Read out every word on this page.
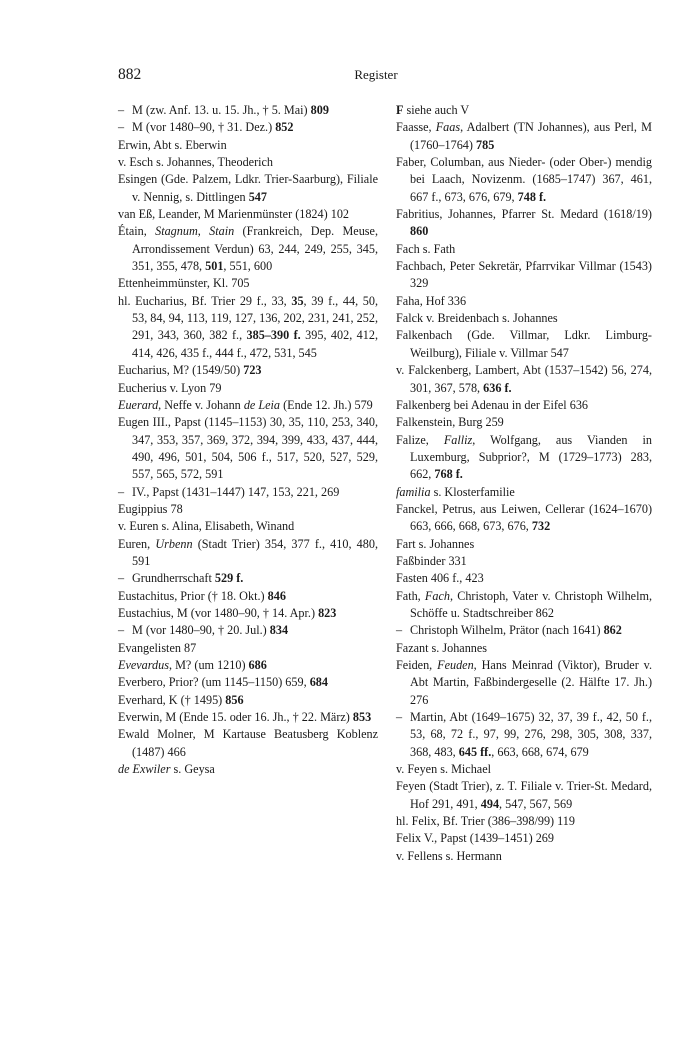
882	Register
– M (zw. Anf. 13. u. 15. Jh., † 5. Mai) 809
– M (vor 1480–90, † 31. Dez.) 852
Erwin, Abt s. Eberwin
v. Esch s. Johannes, Theoderich
Esingen (Gde. Palzem, Ldkr. Trier-Saarburg), Filiale v. Nennig, s. Dittlingen 547
van Eß, Leander, M Marienmünster (1824) 102
Étain, Stagnum, Stain (Frankreich, Dep. Meuse, Arrondissement Verdun) 63, 244, 249, 255, 345, 351, 355, 478, 501, 551, 600
Ettenheimmünster, Kl. 705
hl. Eucharius, Bf. Trier 29 f., 33, 35, 39 f., 44, 50, 53, 84, 94, 113, 119, 127, 136, 202, 231, 241, 252, 291, 343, 360, 382 f., 385–390 f. 395, 402, 412, 414, 426, 435 f., 444 f., 472, 531, 545
Eucharius, M? (1549/50) 723
Eucherius v. Lyon 79
Euerard, Neffe v. Johann de Leia (Ende 12. Jh.) 579
Eugen III., Papst (1145–1153) 30, 35, 110, 253, 340, 347, 353, 357, 369, 372, 394, 399, 433, 437, 444, 490, 496, 501, 504, 506 f., 517, 520, 527, 529, 557, 565, 572, 591
– IV., Papst (1431–1447) 147, 153, 221, 269
Eugippius 78
v. Euren s. Alina, Elisabeth, Winand
Euren, Urbenn (Stadt Trier) 354, 377 f., 410, 480, 591
– Grundherrschaft 529 f.
Eustachitus, Prior († 18. Okt.) 846
Eustachius, M (vor 1480–90, † 14. Apr.) 823
– M (vor 1480–90, † 20. Jul.) 834
Evangelisten 87
Evevardus, M? (um 1210) 686
Everbero, Prior? (um 1145–1150) 659, 684
Everhard, K († 1495) 856
Everwin, M (Ende 15. oder 16. Jh., † 22. März) 853
Ewald Molner, M Kartause Beatusberg Koblenz (1487) 466
de Exwiler s. Geysa
F siehe auch V
Faasse, Faas, Adalbert (TN Johannes), aus Perl, M (1760–1764) 785
Faber, Columban, aus Nieder- (oder Ober-) mendig bei Laach, Novizenm. (1685–1747) 367, 461, 667 f., 673, 676, 679, 748 f.
Fabritius, Johannes, Pfarrer St. Medard (1618/19) 860
Fach s. Fath
Fachbach, Peter Sekretär, Pfarrvikar Villmar (1543) 329
Faha, Hof 336
Falck v. Breidenbach s. Johannes
Falkenbach (Gde. Villmar, Ldkr. Limburg-Weilburg), Filiale v. Villmar 547
v. Falckenberg, Lambert, Abt (1537–1542) 56, 274, 301, 367, 578, 636 f.
Falkenberg bei Adenau in der Eifel 636
Falkenstein, Burg 259
Falize, Falliz, Wolfgang, aus Vianden in Luxemburg, Subprior?, M (1729–1773) 283, 662, 768 f.
familia s. Klosterfamilie
Fanckel, Petrus, aus Leiwen, Cellerar (1624–1670) 663, 666, 668, 673, 676, 732
Fart s. Johannes
Faßbinder 331
Fasten 406 f., 423
Fath, Fach, Christoph, Vater v. Christoph Wilhelm, Schöffe u. Stadtschreiber 862
– Christoph Wilhelm, Prätor (nach 1641) 862
Fazant s. Johannes
Feiden, Feuden, Hans Meinrad (Viktor), Bruder v. Abt Martin, Faßbindergeselle (2. Hälfte 17. Jh.) 276
– Martin, Abt (1649–1675) 32, 37, 39 f., 42, 50 f., 53, 68, 72 f., 97, 99, 276, 298, 305, 308, 337, 368, 483, 645 ff., 663, 668, 674, 679
v. Feyen s. Michael
Feyen (Stadt Trier), z. T. Filiale v. Trier-St. Medard, Hof 291, 491, 494, 547, 567, 569
hl. Felix, Bf. Trier (386–398/99) 119
Felix V., Papst (1439–1451) 269
v. Fellens s. Hermann
